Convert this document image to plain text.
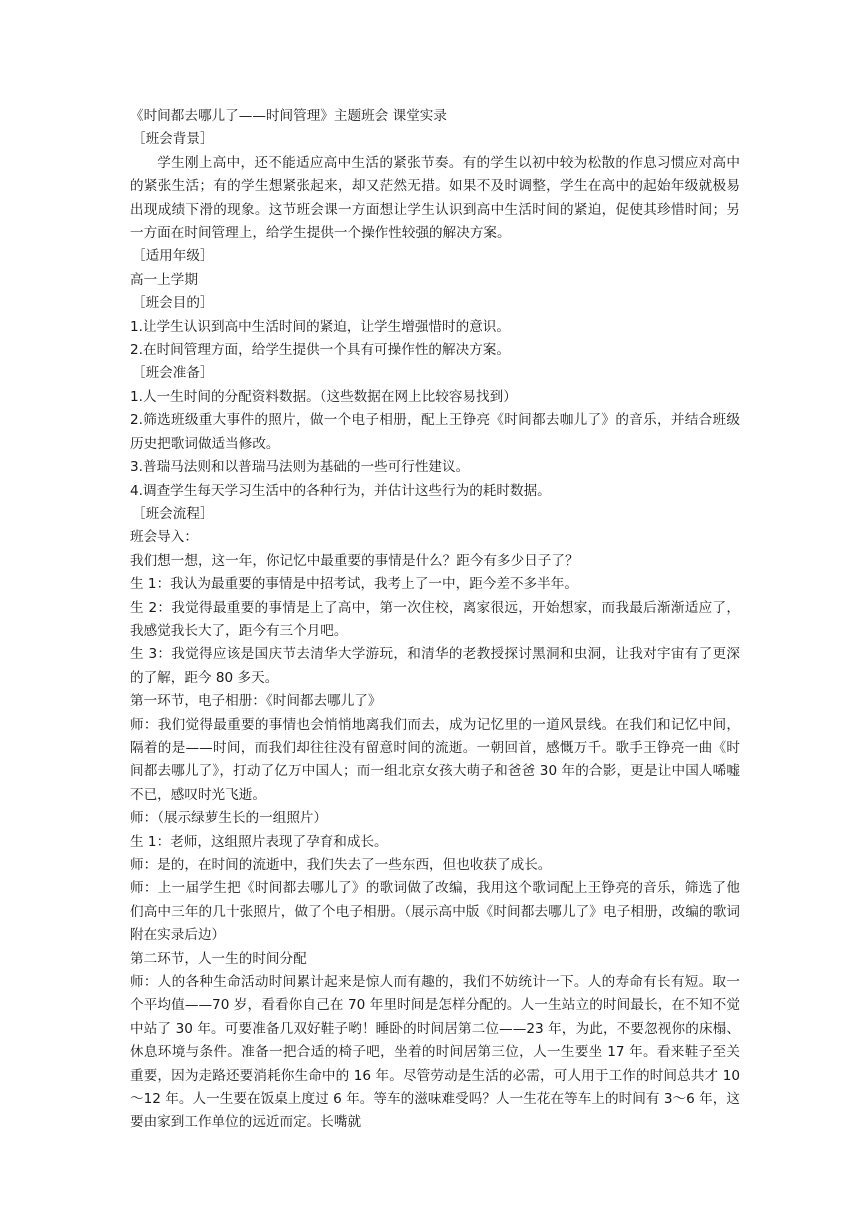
《时间都去哪儿了——时间管理》主题班会 课堂实录

［班会背景］

学生刚上高中，还不能适应高中生活的紧张节奏。有的学生以初中较为松散的作息习惯应对高中的紧张生活；有的学生想紧张起来，却又茫然无措。如果不及时调整，学生在高中的起始年级就极易出现成绩下滑的现象。这节班会课一方面想让学生认识到高中生活时间的紧迫，促使其珍惜时间；另一方面在时间管理上，给学生提供一个操作性较强的解决方案。

［适用年级］

高一上学期

［班会目的］

1.让学生认识到高中生活时间的紧迫，让学生增强惜时的意识。

2.在时间管理方面，给学生提供一个具有可操作性的解决方案。

［班会准备］

1.人一生时间的分配资料数据。（这些数据在网上比较容易找到）

2.筛选班级重大事件的照片，做一个电子相册，配上王铮亮《时间都去咖儿了》的音乐，并结合班级历史把歌词做适当修改。

3.普瑞马法则和以普瑞马法则为基础的一些可行性建议。

4.调查学生每天学习生活中的各种行为，并估计这些行为的耗时数据。

［班会流程］

班会导入：

我们想一想，这一年，你记忆中最重要的事情是什么？距今有多少日子了？

生 1：我认为最重要的事情是中招考试，我考上了一中，距今差不多半年。

生 2：我觉得最重要的事情是上了高中，第一次住校，离家很远，开始想家，而我最后渐渐适应了，我感觉我长大了，距今有三个月吧。

生 3：我觉得应该是国庆节去清华大学游玩，和清华的老教授探讨黑洞和虫洞，让我对宇宙有了更深的了解，距今 80 多天。

第一环节，电子相册：《时间都去哪儿了》

师：我们觉得最重要的事情也会悄悄地离我们而去，成为记忆里的一道风景线。在我们和记忆中间，隔着的是——时间，而我们却往往没有留意时间的流逝。一朝回首，感慨万千。歌手王铮亮一曲《时间都去哪儿了》，打动了亿万中国人；而一组北京女孩大萌子和爸爸 30 年的合影，更是让中国人唏嘘不已，感叹时光飞逝。

师：（展示绿萝生长的一组照片）

生 1：老师，这组照片表现了孕育和成长。

师：是的，在时间的流逝中，我们失去了一些东西，但也收获了成长。

师：上一届学生把《时间都去哪儿了》的歌词做了改编，我用这个歌词配上王铮亮的音乐，筛选了他们高中三年的几十张照片，做了个电子相册。（展示高中版《时间都去哪儿了》电子相册，改编的歌词附在实录后边）

第二环节，人一生的时间分配

师：人的各种生命活动时间累计起来是惊人而有趣的，我们不妨统计一下。人的寿命有长有短。取一个平均值——70 岁，看看你自己在 70 年里时间是怎样分配的。人一生站立的时间最长，在不知不觉中站了 30 年。可要准备几双好鞋子哟！睡卧的时间居第二位——23 年，为此，不要忽视你的床榻、休息环境与条件。准备一把合适的椅子吧，坐着的时间居第三位，人一生要坐 17 年。看来鞋子至关重要，因为走路还要消耗你生命中的 16 年。尽管劳动是生活的必需，可人用于工作的时间总共才 10～12 年。人一生要在饭桌上度过 6 年。等车的滋味难受吗？人一生花在等车上的时间有 3～6 年，这要由家到工作单位的远近而定。长嘴就
